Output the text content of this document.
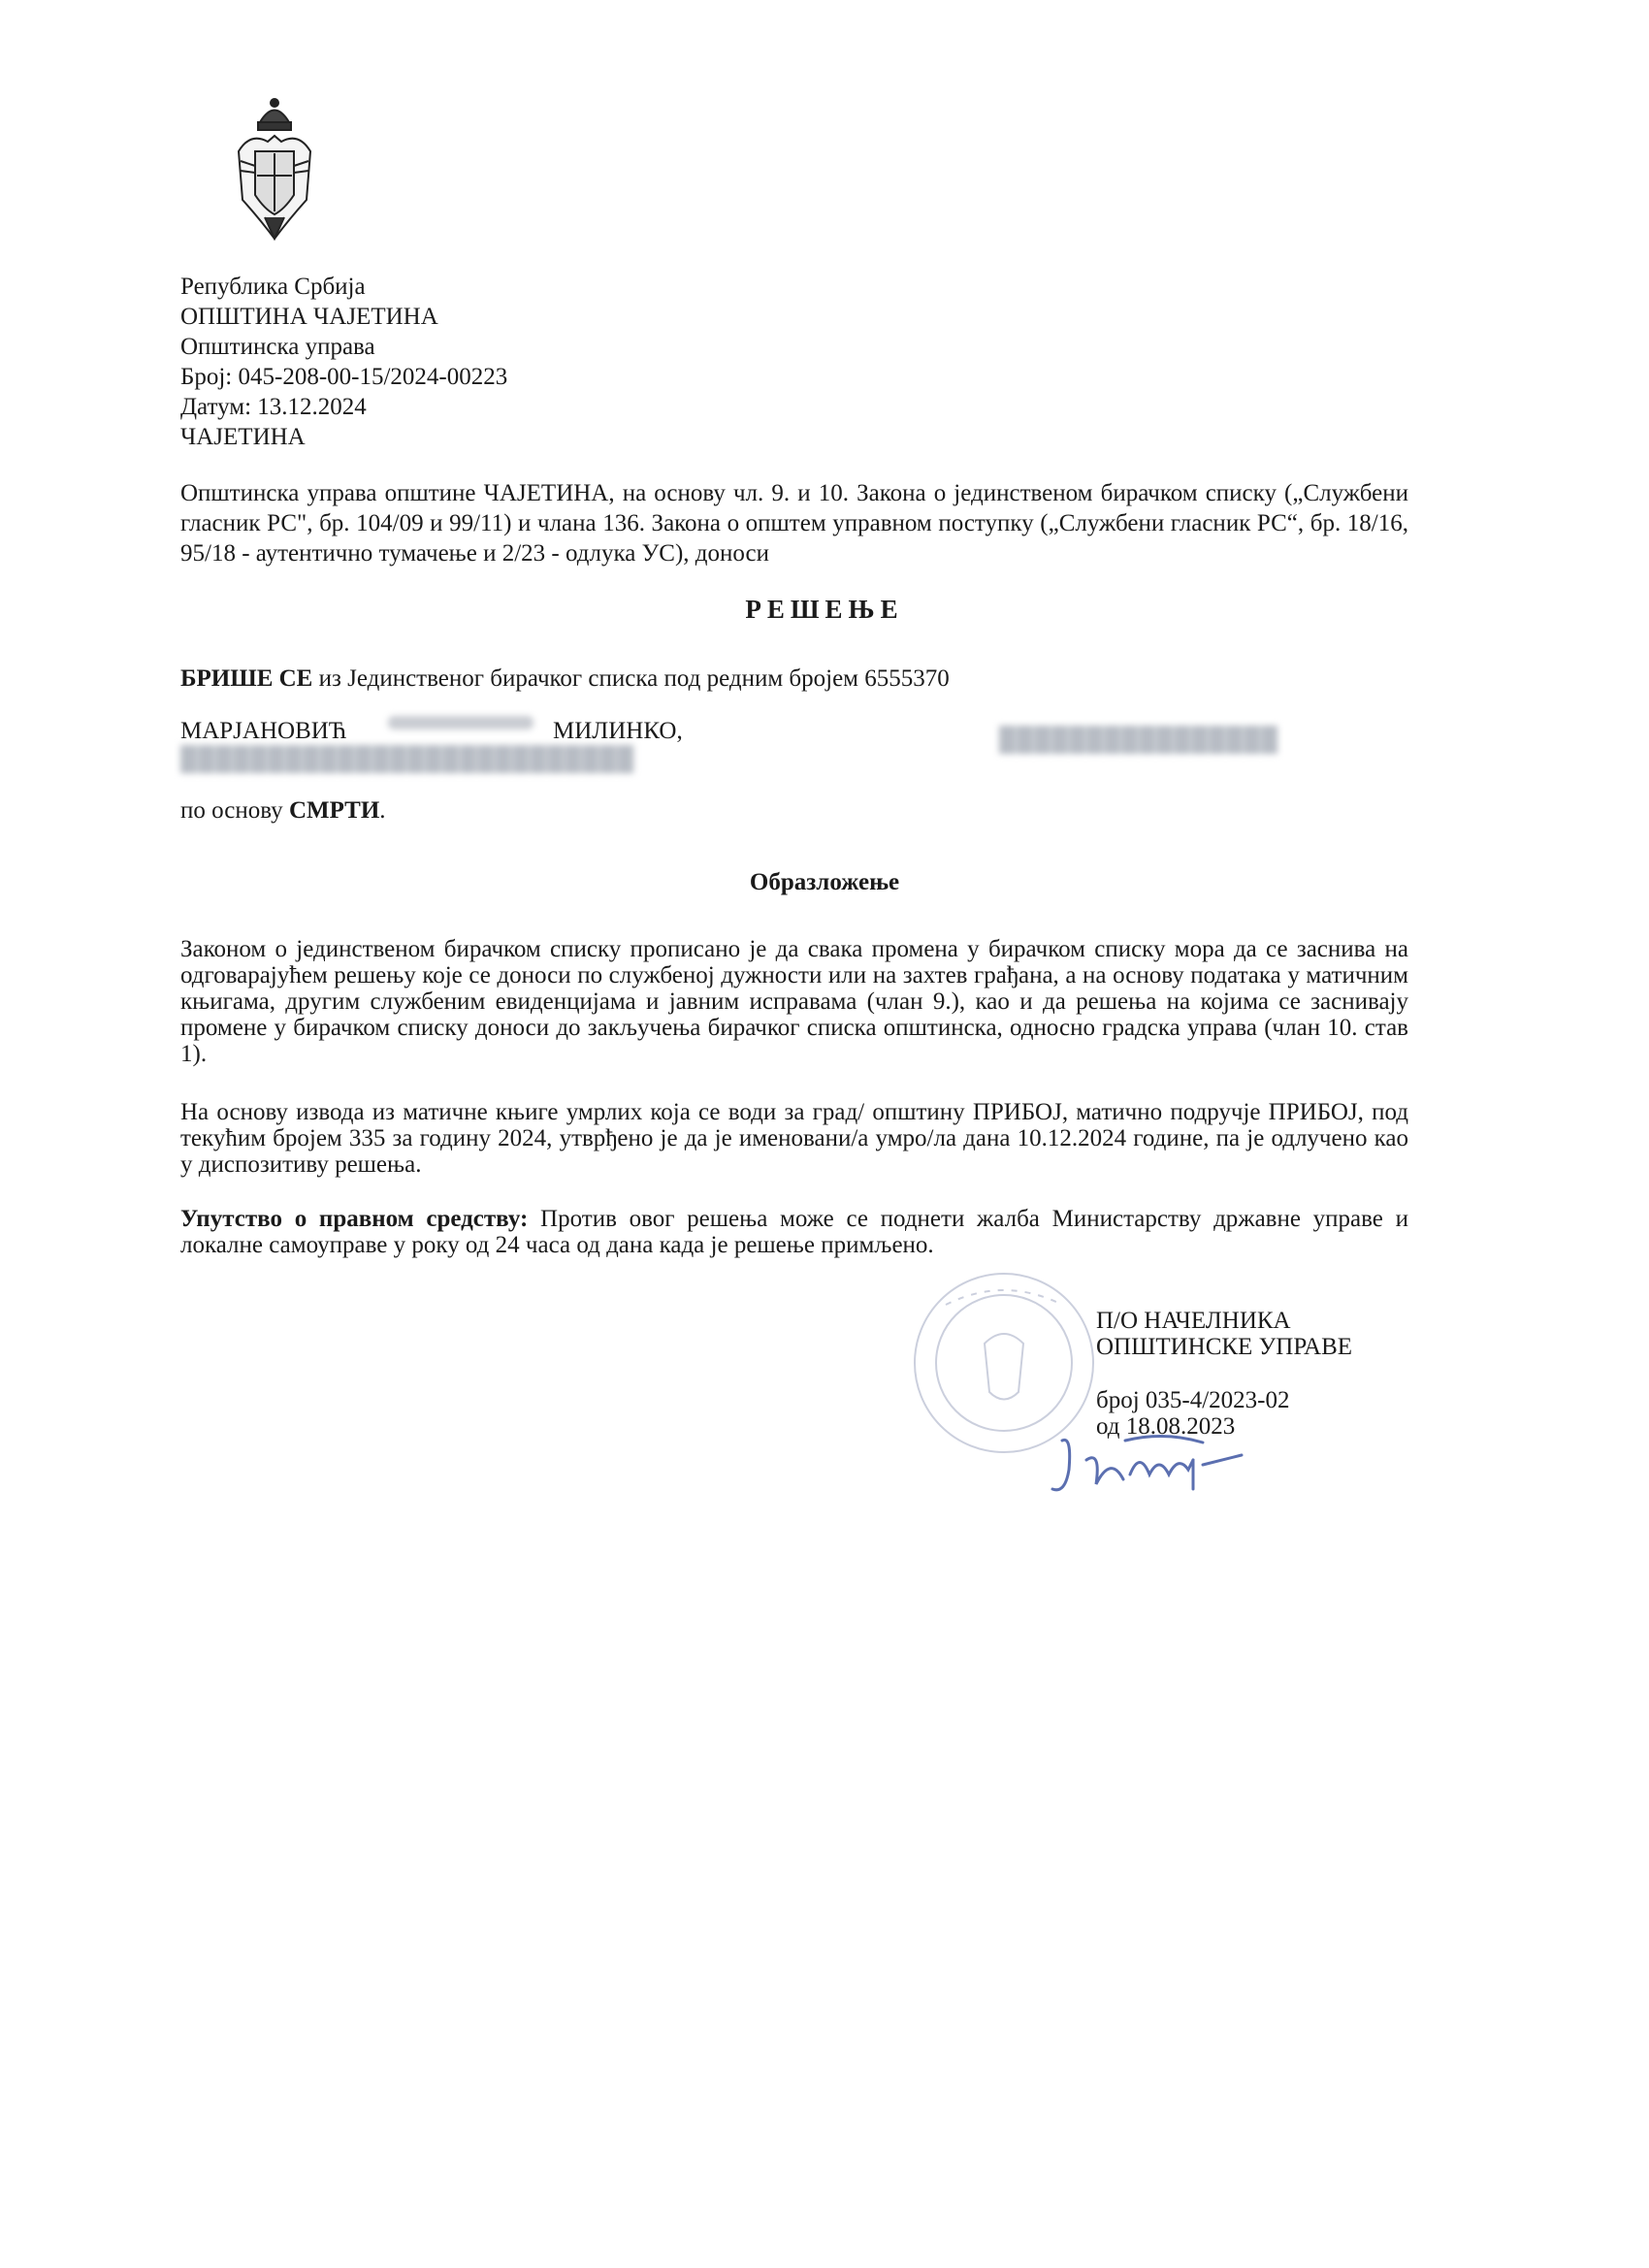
Република Србија
ОПШТИНА ЧАЈЕТИНА
Општинска управа
Број: 045-208-00-15/2024-00223
Датум: 13.12.2024
ЧАЈЕТИНА
Општинска управа општине ЧАЈЕТИНА, на основу чл. 9. и 10. Закона о јединственом бирачком списку („Службени гласник РС", бр. 104/09 и 99/11) и члана 136. Закона о општем управном поступку („Службени гласник РС“, бр. 18/16, 95/18 - аутентично тумачење и 2/23 - одлука УС), доноси
РЕШЕЊЕ
БРИШЕ СЕ из Јединственог бирачког списка под редним бројем 6555370
МАРЈАНОВИЋ	МИЛИНКО,
██████████████████████████
████████████████
по основу СМРТИ.
Образложење
Законом о јединственом бирачком списку прописано је да свака промена у бирачком списку мора да се заснива на одговарајућем решењу које се доноси по службеној дужности или на захтев грађана, а на основу података у матичним књигама, другим службеним евиденцијама и јавним исправама (члан 9.), као и да решења на којима се заснивају промене у бирачком списку доноси до закључења бирачког списка општинска, односно градска управа (члан 10. став 1).
На основу извода из матичне књиге умрлих која се води за град/ општину ПРИБОЈ, матично подручје ПРИБОЈ, под текућим бројем 335 за годину 2024, утврђено је да је именовани/а умро/ла дана 10.12.2024 године, па је одлучено као у диспозитиву решења.
Упутство о правном средству: Против овог решења може се поднети жалба Министарству државне управе и локалне самоуправе у року од 24 часа од дана када је решење примљено.
П/О НАЧЕЛНИКА
ОПШТИНСКЕ УПРАВЕ
број 035-4/2023-02
од 18.08.2023
